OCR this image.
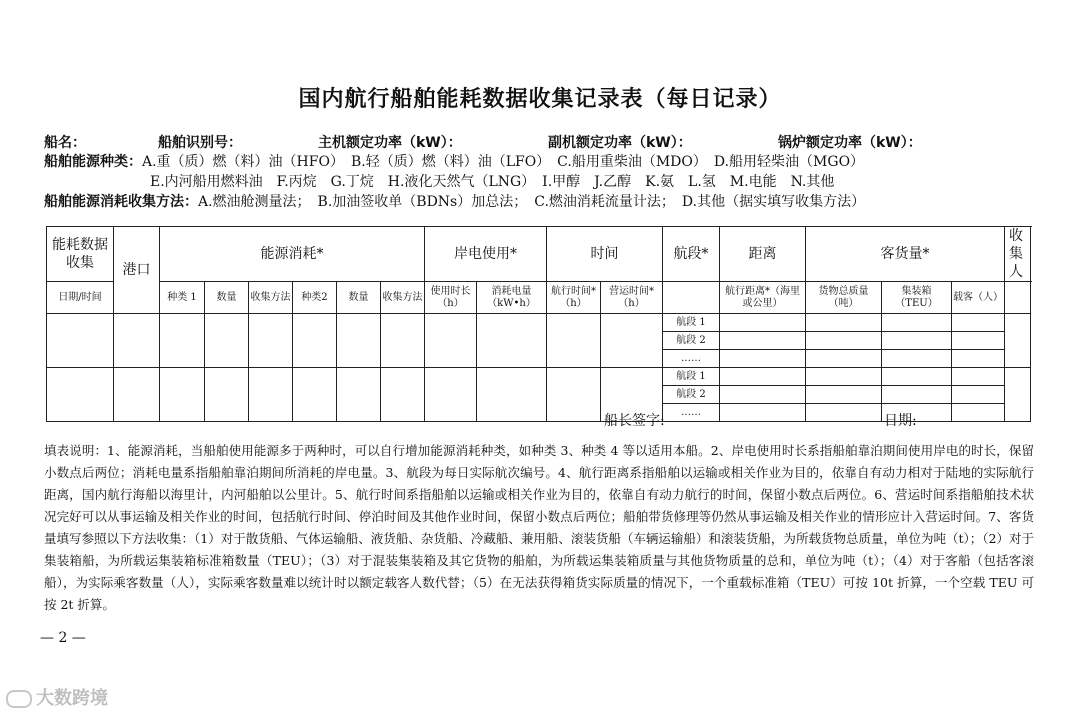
国内航行船舶能耗数据收集记录表（每日记录）
船名：	船舶识别号：	主机额定功率（kW）：	副机额定功率（kW）：	锅炉额定功率（kW）：
船舶能源种类：A.重（质）燃（料）油（HFO）　B.轻（质）燃（料）油（LFO）　C.船用重柴油（MDO）　D.船用轻柴油（MGO）
E.内河船用燃料油　F.丙烷　G.丁烷　H.液化天然气（LNG）　I.甲醇　J.乙醇　K.氨　L.氢　M.电能　N.其他
船舶能源消耗收集方法：A.燃油舱测量法；　B.加油签收单（BDNs）加总法；　C.燃油消耗流量计法；　D.其他（据实填写收集方法）
能耗数据收集	港口	能源消耗*						岸电使用*		时间		航段*	距离	客货量*			收集人
日期/时间		种类 1	数量	收集方法	种类2	数量	收集方法	使用时长（h）	消耗电量（kW•h）	航行时间*（h）	营运时间*（h）		航行距离*（海里或公里）	货物总质量（吨）	集装箱（TEU）	载客（人）	
												航段 1					
												航段 2					
												……					
												航段 1					
												航段 2					
												……					
船长签字:	日期:
填表说明：1、能源消耗，当船舶使用能源多于两种时，可以自行增加能源消耗种类，如种类 3、种类 4 等以适用本船。2、岸电使用时长系指船舶靠泊期间使用岸电的时长，保留小数点后两位；消耗电量系指船舶靠泊期间所消耗的岸电量。3、航段为每日实际航次编号。4、航行距离系指船舶以运输或相关作业为目的，依靠自有动力相对于陆地的实际航行距离，国内航行海船以海里计，内河船舶以公里计。5、航行时间系指船舶以运输或相关作业为目的，依靠自有动力航行的时间，保留小数点后两位。6、营运时间系指船舶技术状况完好可以从事运输及相关作业的时间，包括航行时间、停泊时间及其他作业时间，保留小数点后两位；船舶带货修理等仍然从事运输及相关作业的情形应计入营运时间。7、客货量填写参照以下方法收集：（1）对于散货船、气体运输船、液货船、杂货船、冷藏船、兼用船、滚装货船（车辆运输船）和滚装货船，为所载货物总质量，单位为吨（t）；（2）对于集装箱船，为所载运集装箱标准箱数量（TEU）；（3）对于混装集装箱及其它货物的船舶，为所载运集装箱质量与其他货物质量的总和，单位为吨（t）；（4）对于客船（包括客滚船），为实际乘客数量（人），实际乘客数量难以统计时以额定载客人数代替；（5）在无法获得箱货实际质量的情况下，一个重载标准箱（TEU）可按 10t 折算，一个空载 TEU 可按 2t 折算。
— 2 —
大数跨境
